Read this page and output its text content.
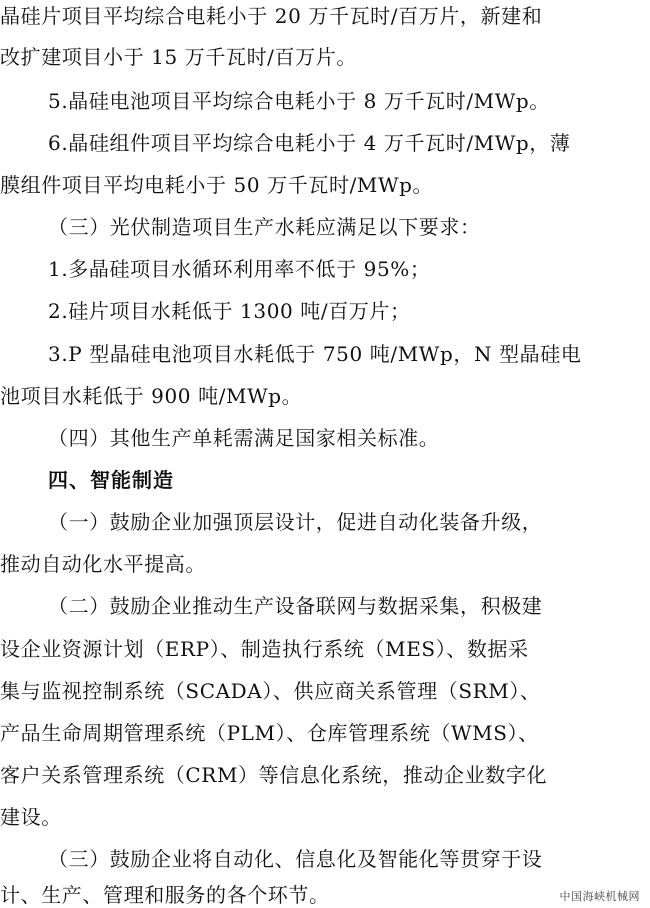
晶硅片项目平均综合电耗小于 20 万千瓦时/百万片，新建和
改扩建项目小于 15 万千瓦时/百万片。
5.晶硅电池项目平均综合电耗小于 8 万千瓦时/MWp。
6.晶硅组件项目平均综合电耗小于 4 万千瓦时/MWp，薄
膜组件项目平均电耗小于 50 万千瓦时/MWp。
（三）光伏制造项目生产水耗应满足以下要求：
1.多晶硅项目水循环利用率不低于 95%；
2.硅片项目水耗低于 1300 吨/百万片；
3.P 型晶硅电池项目水耗低于 750 吨/MWp，N 型晶硅电
池项目水耗低于 900 吨/MWp。
（四）其他生产单耗需满足国家相关标准。
四、智能制造
（一）鼓励企业加强顶层设计，促进自动化装备升级，
推动自动化水平提高。
（二）鼓励企业推动生产设备联网与数据采集，积极建
设企业资源计划（ERP）、制造执行系统（MES）、数据采
集与监视控制系统（SCADA）、供应商关系管理（SRM）、
产品生命周期管理系统（PLM）、仓库管理系统（WMS）、
客户关系管理系统（CRM）等信息化系统，推动企业数字化
建设。
（三）鼓励企业将自动化、信息化及智能化等贯穿于设
计、生产、管理和服务的各个环节。	中国海峡机械网
